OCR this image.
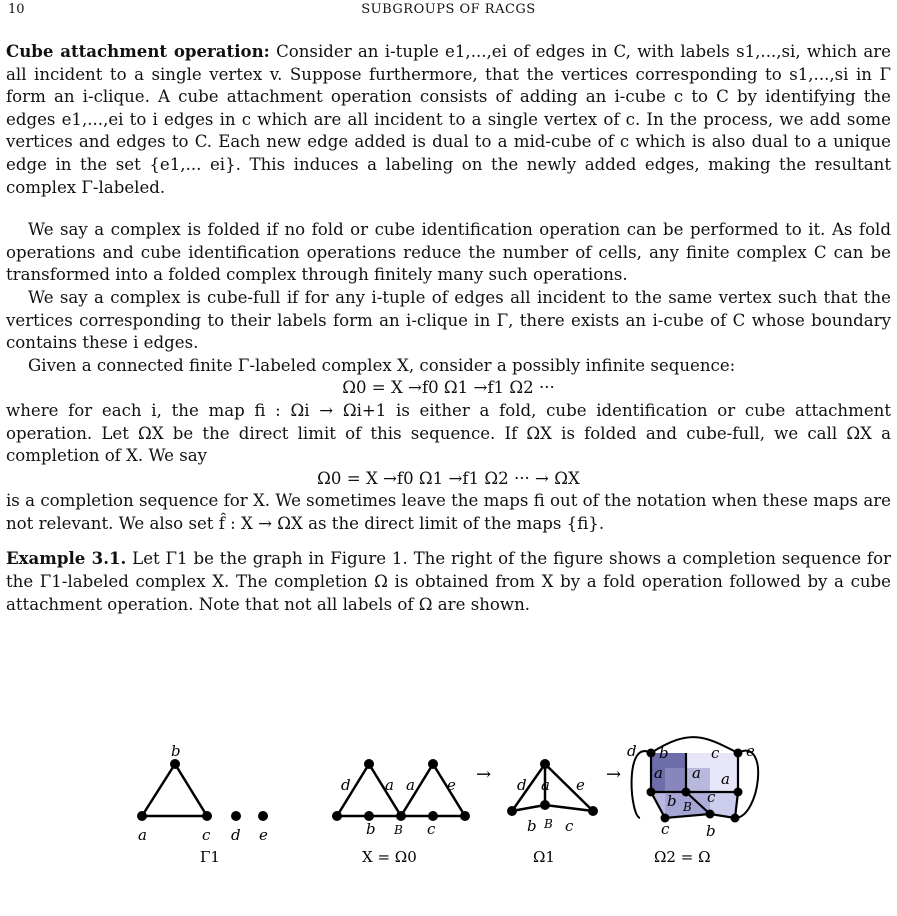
10	SUBGROUPS OF RACGS

Cube attachment operation: Consider an i-tuple e1,...,ei of edges in C, with labels s1,...,si, which are all incident to a single vertex v. Suppose furthermore, that the vertices corresponding to s1,...,si in Γ form an i-clique. A cube attachment operation consists of adding an i-cube c to C by identifying the edges e1,...,ei to i edges in c which are all incident to a single vertex of c. In the process, we add some vertices and edges to C. Each new edge added is dual to a mid-cube of c which is also dual to a unique edge in the set {e1,... ei}. This induces a labeling on the newly added edges, making the resultant complex Γ-labeled.

We say a complex is folded if no fold or cube identification operation can be performed to it. As fold operations and cube identification operations reduce the number of cells, any finite complex C can be transformed into a folded complex through finitely many such operations.

We say a complex is cube-full if for any i-tuple of edges all incident to the same vertex such that the vertices corresponding to their labels form an i-clique in Γ, there exists an i-cube of C whose boundary contains these i edges.

Given a connected finite Γ-labeled complex X, consider a possibly infinite sequence:

Ω0 = X →f0 Ω1 →f1 Ω2 ···

where for each i, the map fi : Ωi → Ωi+1 is either a fold, cube identification or cube attachment operation. Let ΩX be the direct limit of this sequence. If ΩX is folded and cube-full, we call ΩX a completion of X. We say

Ω0 = X →f0 Ω1 →f1 Ω2 ··· → ΩX

is a completion sequence for X. We sometimes leave the maps fi out of the notation when these maps are not relevant. We also set f̂ : X → ΩX as the direct limit of the maps {fi}.

Example 3.1. Let Γ1 be the graph in Figure 1. The right of the figure shows a completion sequence for the Γ1-labeled complex X. The completion Ω is obtained from X by a fold operation followed by a cube attachment operation. Note that not all labels of Ω are shown.

b
a	c d e
Γ1
d a a e
b B c
X = Ω0
→ d a e
b B c
Ω1
→
d b	c e
a a a
b c
B
c b
Ω2 = Ω
